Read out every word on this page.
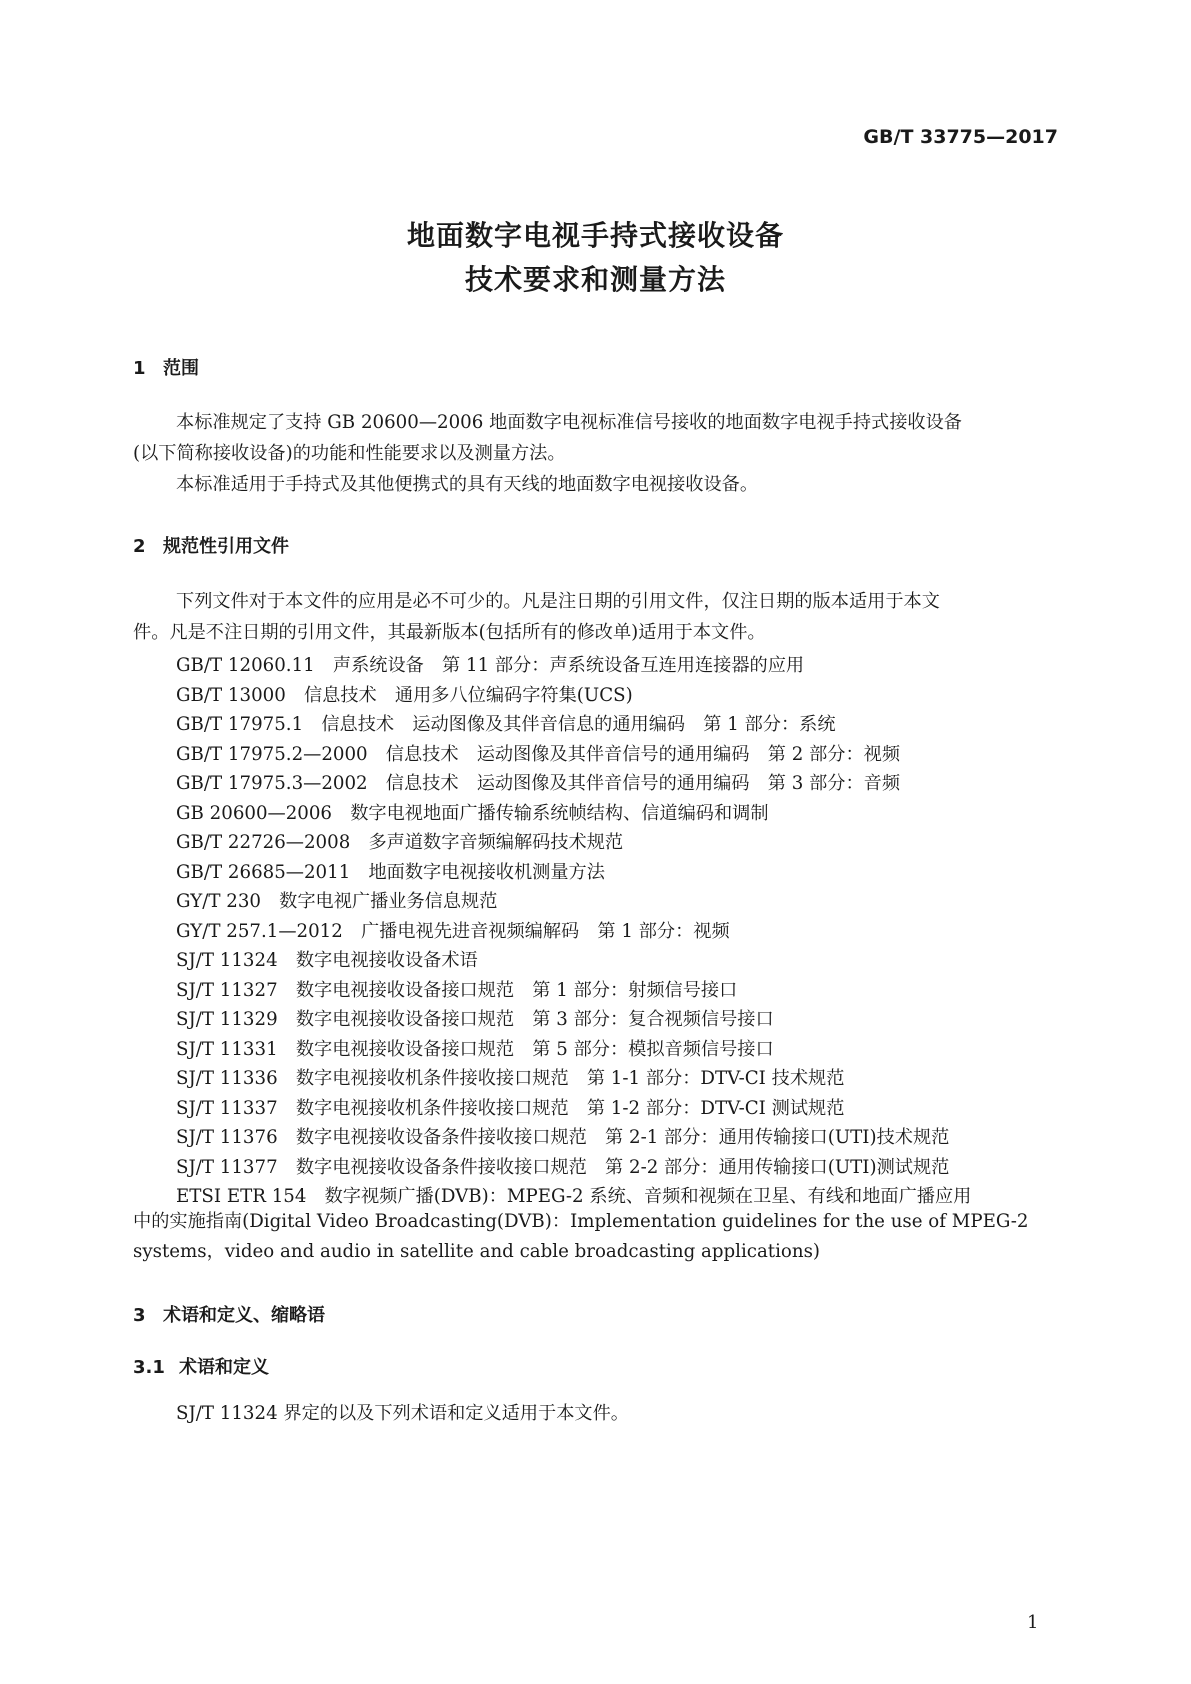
GB/T 33775—2017
地面数字电视手持式接收设备
技术要求和测量方法
1 范围
本标准规定了支持 GB 20600—2006 地面数字电视标准信号接收的地面数字电视手持式接收设备
(以下简称接收设备)的功能和性能要求以及测量方法。
本标准适用于手持式及其他便携式的具有天线的地面数字电视接收设备。
2 规范性引用文件
下列文件对于本文件的应用是必不可少的。凡是注日期的引用文件，仅注日期的版本适用于本文
件。凡是不注日期的引用文件，其最新版本(包括所有的修改单)适用于本文件。
GB/T 12060.11　声系统设备　第 11 部分：声系统设备互连用连接器的应用
GB/T 13000　信息技术　通用多八位编码字符集(UCS)
GB/T 17975.1　信息技术　运动图像及其伴音信息的通用编码　第 1 部分：系统
GB/T 17975.2—2000　信息技术　运动图像及其伴音信号的通用编码　第 2 部分：视频
GB/T 17975.3—2002　信息技术　运动图像及其伴音信号的通用编码　第 3 部分：音频
GB 20600—2006　数字电视地面广播传输系统帧结构、信道编码和调制
GB/T 22726—2008　多声道数字音频编解码技术规范
GB/T 26685—2011　地面数字电视接收机测量方法
GY/T 230　数字电视广播业务信息规范
GY/T 257.1—2012　广播电视先进音视频编解码　第 1 部分：视频
SJ/T 11324　数字电视接收设备术语
SJ/T 11327　数字电视接收设备接口规范　第 1 部分：射频信号接口
SJ/T 11329　数字电视接收设备接口规范　第 3 部分：复合视频信号接口
SJ/T 11331　数字电视接收设备接口规范　第 5 部分：模拟音频信号接口
SJ/T 11336　数字电视接收机条件接收接口规范　第 1-1 部分：DTV-CI 技术规范
SJ/T 11337　数字电视接收机条件接收接口规范　第 1-2 部分：DTV-CI 测试规范
SJ/T 11376　数字电视接收设备条件接收接口规范　第 2-1 部分：通用传输接口(UTI)技术规范
SJ/T 11377　数字电视接收设备条件接收接口规范　第 2-2 部分：通用传输接口(UTI)测试规范
ETSI ETR 154　数字视频广播(DVB)：MPEG-2 系统、音频和视频在卫星、有线和地面广播应用
中的实施指南(Digital Video Broadcasting(DVB)：Implementation guidelines for the use of MPEG-2
systems，video and audio in satellite and cable broadcasting applications)
3 术语和定义、缩略语
3.1 术语和定义
SJ/T 11324 界定的以及下列术语和定义适用于本文件。
1
